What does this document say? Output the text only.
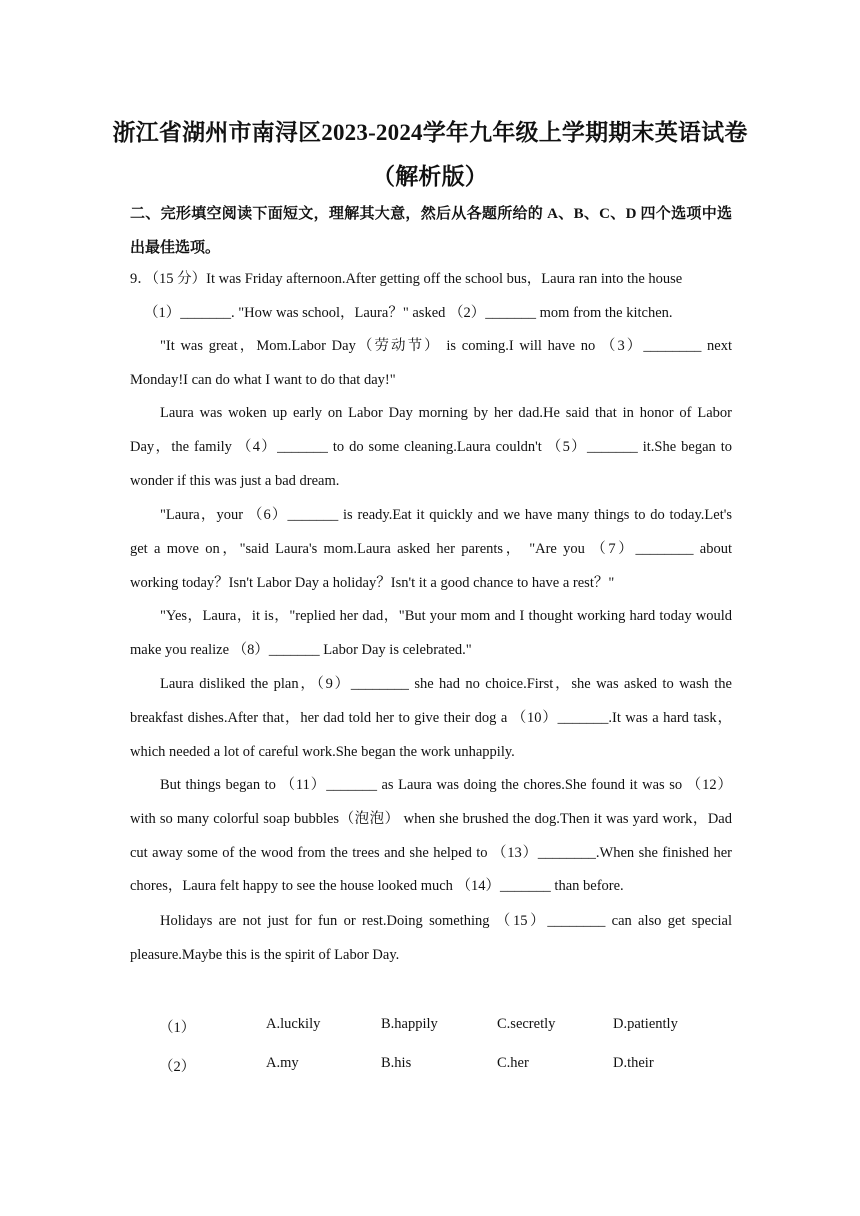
浙江省湖州市南浔区2023-2024学年九年级上学期期末英语试卷
（解析版）

二、完形填空阅读下面短文，理解其大意，然后从各题所给的 A、B、C、D 四个选项中选出最佳选项。

9．（15 分）It was Friday afternoon.After getting off the school bus，Laura ran into the house
（1）_______. "How was school，Laura？" asked （2）_______ mom from the kitchen.

"It was great，Mom.Labor Day（劳动节） is coming.I will have no （3）________ next Monday!I can do what I want to do that day!"

Laura was woken up early on Labor Day morning by her dad.He said that in honor of Labor Day，the family （4）_______ to do some cleaning.Laura couldn't （5）_______ it.She began to wonder if this was just a bad dream.

"Laura，your （6）_______ is ready.Eat it quickly and we have many things to do today.Let's get a move on，"said Laura's mom.Laura asked her parents， "Are you （7）________ about working today？Isn't Labor Day a holiday？Isn't it a good chance to have a rest？"

"Yes，Laura，it is，"replied her dad，"But your mom and I thought working hard today would make you realize （8）_______ Labor Day is celebrated."

Laura disliked the plan，（9）________ she had no choice.First，she was asked to wash the breakfast dishes.After that，her dad told her to give their dog a （10）_______.It was a hard task，which needed a lot of careful work.She began the work unhappily.

But things began to （11）_______ as Laura was doing the chores.She found it was so （12）with so many colorful soap bubbles（泡泡） when she brushed the dog.Then it was yard work，Dad cut away some of the wood from the trees and she helped to （13）________.When she finished her chores，Laura felt happy to see the house looked much （14）_______ than before.

Holidays are not just for fun or rest.Doing something （15）________ can also get special pleasure.Maybe this is the spirit of Labor Day.

（1）	A.luckily	B.happily	C.secretly	D.patiently
（2）	A.my	B.his	C.her	D.their
